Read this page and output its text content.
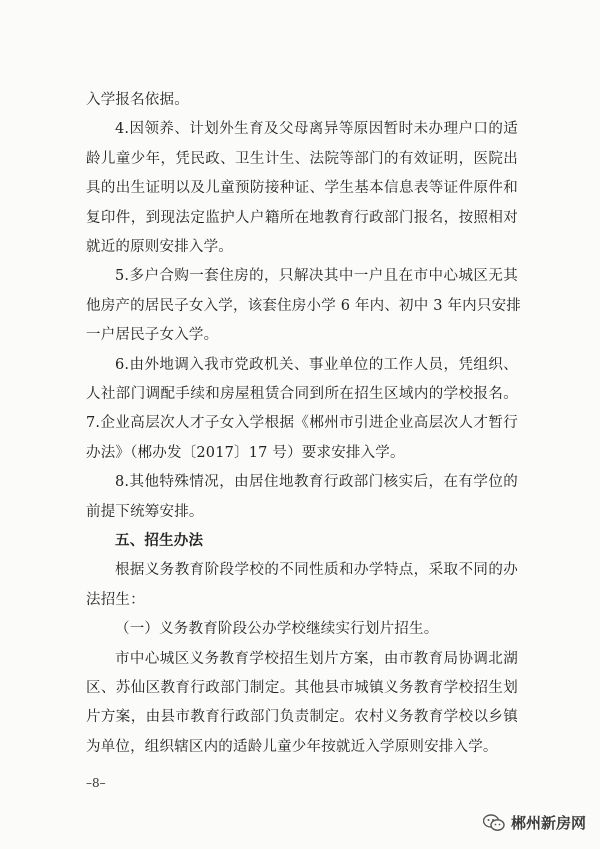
入学报名依据。
4.因领养、计划外生育及父母离异等原因暂时未办理户口的适
龄儿童少年，凭民政、卫生计生、法院等部门的有效证明，医院出
具的出生证明以及儿童预防接种证、学生基本信息表等证件原件和
复印件，到现法定监护人户籍所在地教育行政部门报名，按照相对
就近的原则安排入学。
5.多户合购一套住房的，只解决其中一户且在市中心城区无其
他房产的居民子女入学，该套住房小学 6 年内、初中 3 年内只安排
一户居民子女入学。
6.由外地调入我市党政机关、事业单位的工作人员，凭组织、
人社部门调配手续和房屋租赁合同到所在招生区域内的学校报名。
7.企业高层次人才子女入学根据《郴州市引进企业高层次人才暂行
办法》（郴办发〔2017〕17 号）要求安排入学。
8.其他特殊情况，由居住地教育行政部门核实后，在有学位的
前提下统筹安排。
五、招生办法
根据义务教育阶段学校的不同性质和办学特点，采取不同的办
法招生：
（一）义务教育阶段公办学校继续实行划片招生。
市中心城区义务教育学校招生划片方案，由市教育局协调北湖
区、苏仙区教育行政部门制定。其他县市城镇义务教育学校招生划
片方案，由县市教育行政部门负责制定。农村义务教育学校以乡镇
为单位，组织辖区内的适龄儿童少年按就近入学原则安排入学。
–8–
郴州新房网
